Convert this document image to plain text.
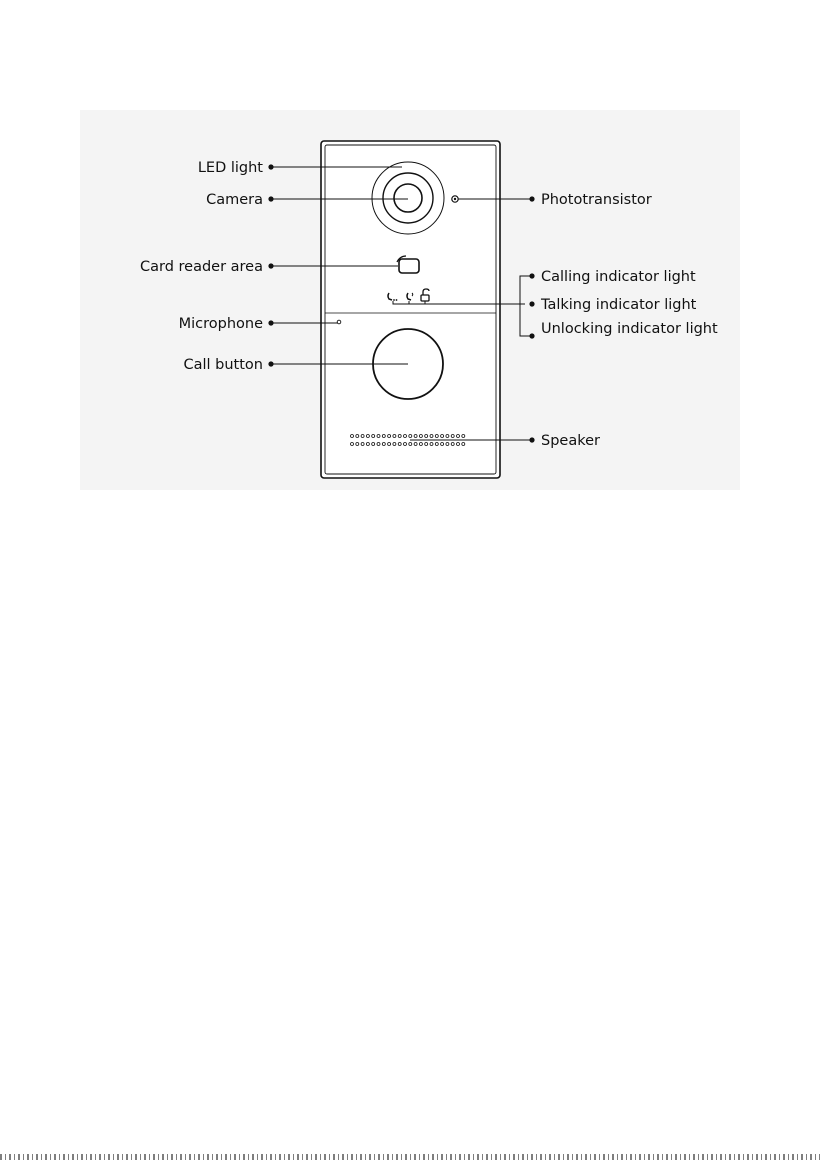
LED light
Camera
Card reader area
Microphone
Call button
Phototransistor
Calling indicator light
Talking indicator light
Unlocking indicator light
Speaker
